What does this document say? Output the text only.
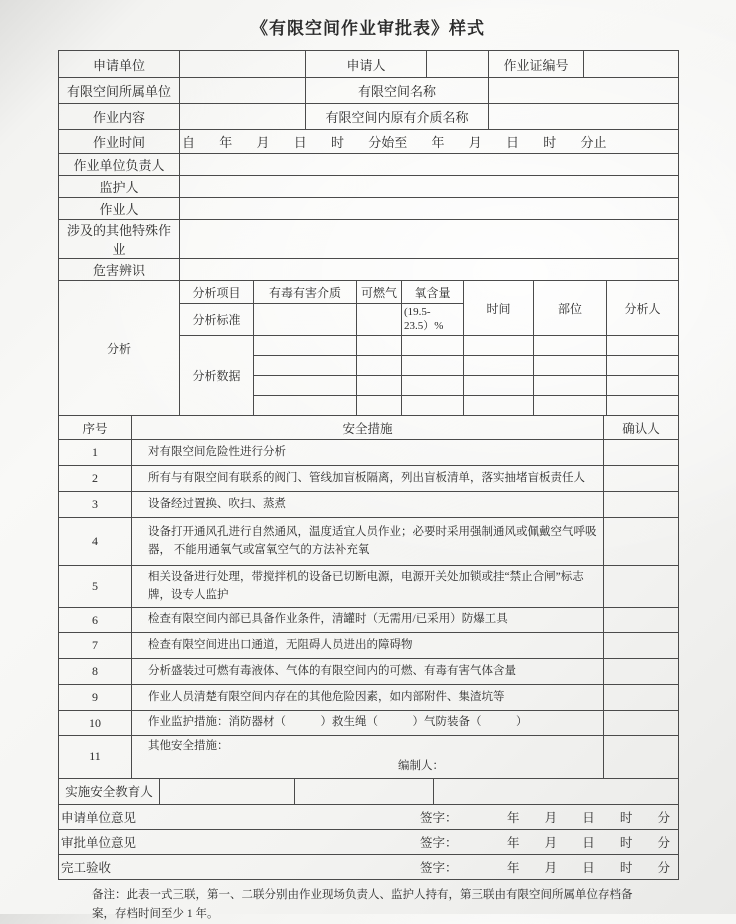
《有限空间作业审批表》样式
申请单位		申请人		作业证编号	
有限空间所属单位		有限空间名称			
作业内容		有限空间内原有介质名称			
作业时间	自 年 月 日 时 分始至 年 月 日 时 分止
作业单位负责人	
监护人	
作业人	
涉及的其他特殊作业	
危害辨识	
分析	分析项目	有毒有害介质	可燃气	氧含量	时间	部位	分析人
	分析标准			(19.5-23.5）%			
	分析数据						

序号	安全措施	确认人
1	对有限空间危险性进行分析	
2	所有与有限空间有联系的阀门、管线加盲板隔离，列出盲板清单，落实抽堵盲板责任人	
3	设备经过置换、吹扫、蒸煮	
4	设备打开通风孔进行自然通风，温度适宜人员作业；必要时采用强制通风或佩戴空气呼吸器， 不能用通氧气或富氧空气的方法补充氧	
5	相关设备进行处理，带搅拌机的设备已切断电源，电源开关处加锁或挂“禁止合闸”标志牌，设专人监护	
6	检查有限空间内部已具备作业条件，清罐时（无需用/已采用）防爆工具	
7	检查有限空间进出口通道，无阻碍人员进出的障碍物	
8	分析盛装过可燃有毒液体、气体的有限空间内的可燃、有毒有害气体含量	
9	作业人员清楚有限空间内存在的其他危险因素，如内部附件、集渣坑等	
10	作业监护措施：消防器材（　　　）救生绳（　　　）气防装备（　　　）	
11	其他安全措施：
编制人：	

实施安全教育人			
申请单位意见	签字：	年 月 日 时 分

审批单位意见	签字：	年 月 日 时 分

完工验收	签字：	年 月 日 时 分
备注：此表一式三联，第一、二联分别由作业现场负责人、监护人持有，第三联由有限空间所属单位存档备案，存档时间至少 1 年。
